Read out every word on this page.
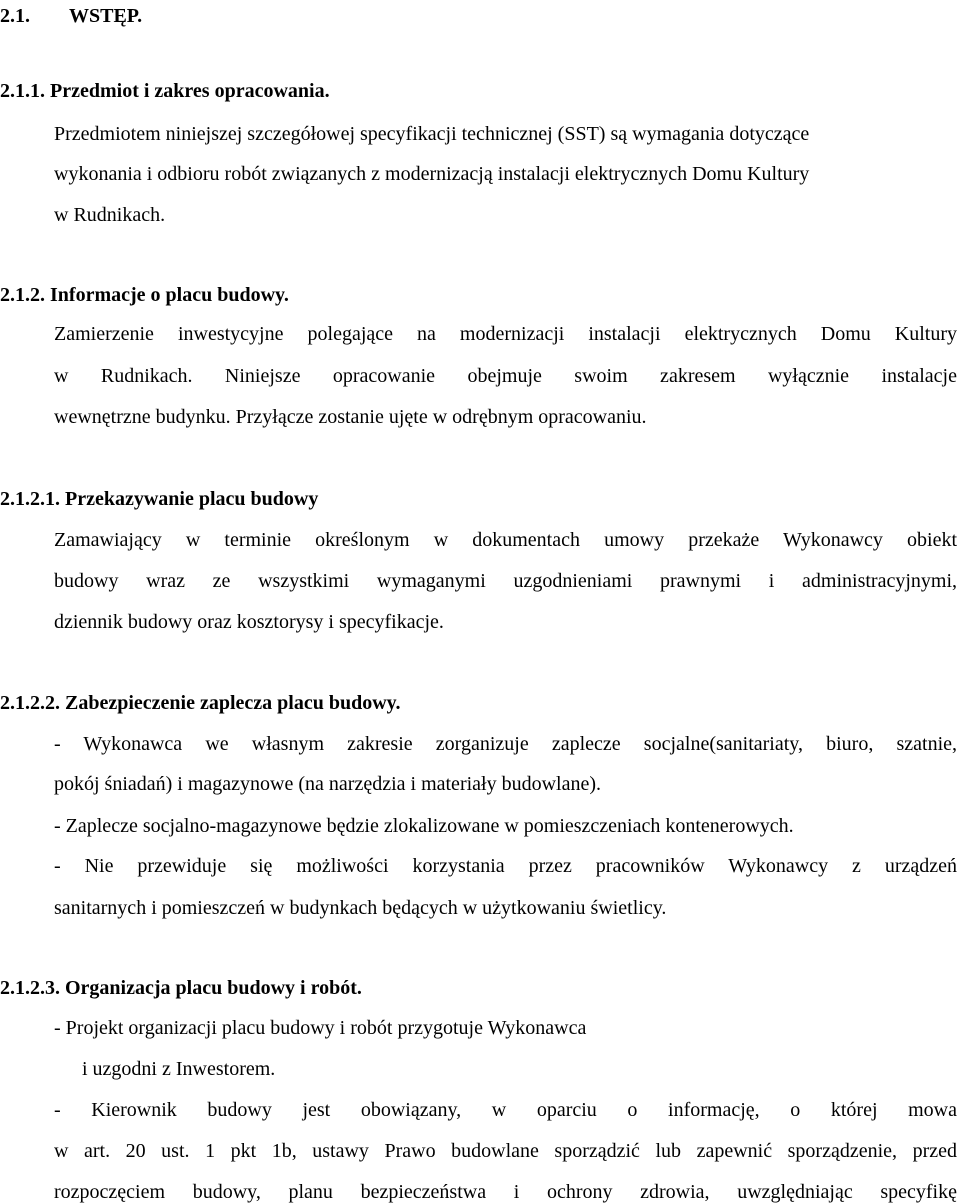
2.1. WSTĘP.
2.1.1. Przedmiot i zakres opracowania.
Przedmiotem niniejszej szczegółowej specyfikacji technicznej (SST) są wymagania dotyczące
wykonania i odbioru robót związanych z modernizacją instalacji elektrycznych Domu Kultury
w Rudnikach.
2.1.2. Informacje o placu budowy.
Zamierzenie inwestycyjne polegające na modernizacji instalacji elektrycznych Domu Kultury
w Rudnikach. Niniejsze opracowanie obejmuje swoim zakresem wyłącznie instalacje
wewnętrzne budynku. Przyłącze zostanie ujęte w odrębnym opracowaniu.
2.1.2.1. Przekazywanie placu budowy
Zamawiający w terminie określonym w dokumentach umowy przekaże Wykonawcy obiekt
budowy wraz ze wszystkimi wymaganymi uzgodnieniami prawnymi i administracyjnymi,
dziennik budowy oraz kosztorysy i specyfikacje.
2.1.2.2. Zabezpieczenie zaplecza placu budowy.
- Wykonawca we własnym zakresie zorganizuje zaplecze socjalne(sanitariaty, biuro, szatnie,
pokój śniadań) i magazynowe (na narzędzia i materiały budowlane).
- Zaplecze socjalno-magazynowe będzie zlokalizowane w pomieszczeniach kontenerowych.
- Nie przewiduje się możliwości korzystania przez pracowników Wykonawcy z urządzeń
sanitarnych i pomieszczeń w budynkach będących w użytkowaniu świetlicy.
2.1.2.3. Organizacja placu budowy i robót.
- Projekt organizacji placu budowy i robót przygotuje Wykonawca
i uzgodni z Inwestorem.
- Kierownik budowy jest obowiązany, w oparciu o informację, o której mowa
w art. 20 ust. 1 pkt 1b, ustawy Prawo budowlane sporządzić lub zapewnić sporządzenie, przed
rozpoczęciem budowy, planu bezpieczeństwa i ochrony zdrowia, uwzględniając specyfikę
